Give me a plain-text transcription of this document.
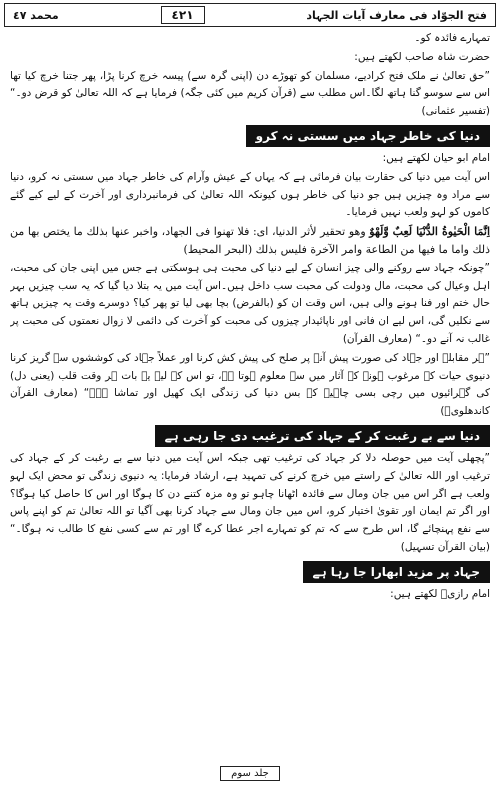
محمد ٤٧	٤٢١	فتح الجوّاد فی معارف آیات الجہاد

تمہارے فائدہ کو۔

حضرت شاہ صاحب لکھتے ہیں:

”حق تعالیٰ نے ملک فتح کرادیے، مسلمان کو تھوڑے دن (اپنی گرہ سے) پیسہ خرچ کرنا پڑا، پھر جتنا خرچ کیا تھا اس سے سوسو گنا ہاتھ لگا۔اس مطلب سے (قرآن کریم میں کئی جگہ) فرمایا ہے کہ اللہ تعالیٰ کو قرض دو۔“ (تفسیر عثمانی)

دنیا کی خاطر جہاد میں سستی نہ کرو

امام ابو حیان لکھتے ہیں:

اس آیت میں دنیا کی حقارت بیان فرمائی ہے کہ یہاں کے عیش وآرام کی خاطر جہاد میں سستی نہ کرو، دنیا سے مراد وہ چیزیں ہیں جو دنیا کی خاطر ہوں کیونکہ اللہ تعالیٰ کی فرمانبرداری اور آخرت کے لیے کیے گئے کاموں کو لہو ولعب نہیں فرمایا۔

اِنَّمَا الْحَيٰوةُ الدُّنْيَا لَعِبٌ وَّلَهْوٌ وهو تحقير لأثر الدنيا، اى: فلا تهنوا فى الجهاد، واخبر عنها بذلك ما يختص بها من ذلك واما ما فيها من الطاعة وامر الآخرة فليس بذلك (البحر المحيط)

”چونکہ جہاد سے روکنے والی چیز انسان کے لیے دنیا کی محبت ہی ہوسکتی ہے جس میں اپنی جان کی محبت، اہل وعیال کی محبت، مال ودولت کی محبت سب داخل ہیں۔اس آیت میں یہ بتلا دیا گیا کہ یہ سب چیزیں بہر حال ختم اور فنا ہونے والی ہیں، اس وقت ان کو (بالفرض) بچا بھی لیا تو پھر کیا؟ دوسرے وقت یہ چیزیں ہاتھ سے نکلیں گی، اس لیے ان فانی اور ناپائیدار چیزوں کی محبت کو آخرت کی دائمی لا زوال نعمتوں کی محبت پر غالب نہ آنے دو۔“ (معارف القرآن)

”ہر مقابلہ اور جہاد کی صورت پیش آنے پر صلح کی پیش کش کرنا اور عملاً جہاد کی کوششوں سے گریز کرنا دنیوی حیات کے مرغوب ہونے کے آثار میں سے معلوم ہوتا ہے، تو اس کے لیے یہ بات ہر وقت قلب (یعنی دل) کی گہرائیوں میں رچی بسی چاہیے کہ بس دنیا کی زندگی ایک کھیل اور تماشا ہے۔“ (معارف القرآن کاندھلویؒ)

دنیا سے بے رغبت کر کے جہاد کی ترغیب دی جا رہی ہے

”پچھلی آیت میں حوصلہ دلا کر جہاد کی ترغیب تھی جبکہ اس آیت میں دنیا سے بے رغبت کر کے جہاد کی ترغیب اور اللہ تعالیٰ کے راستے میں خرچ کرنے کی تمہید ہے، ارشاد فرمایا: یہ دنیوی زندگی تو محض ایک لہو ولعب ہے اگر اس میں جان ومال سے فائدہ اٹھانا چاہو تو وہ مزہ کتنے دن کا ہوگا اور اس کا حاصل کیا ہوگا؟ اور اگر تم ایمان اور تقویٰ اختیار کرو، اس میں جان ومال سے جہاد کرنا بھی آگیا تو اللہ تعالیٰ تم کو اپنے پاس سے نفع پہنچائے گا، اس طرح سے کہ تم کو تمہارے اجر عطا کرے گا اور تم سے کسی نفع کا طالب نہ ہوگا۔“ (بیان القرآن تسہیل)

جہاد پر مزید ابھارا جا رہا ہے

امام رازیؒ لکھتے ہیں:

جلد سوم
